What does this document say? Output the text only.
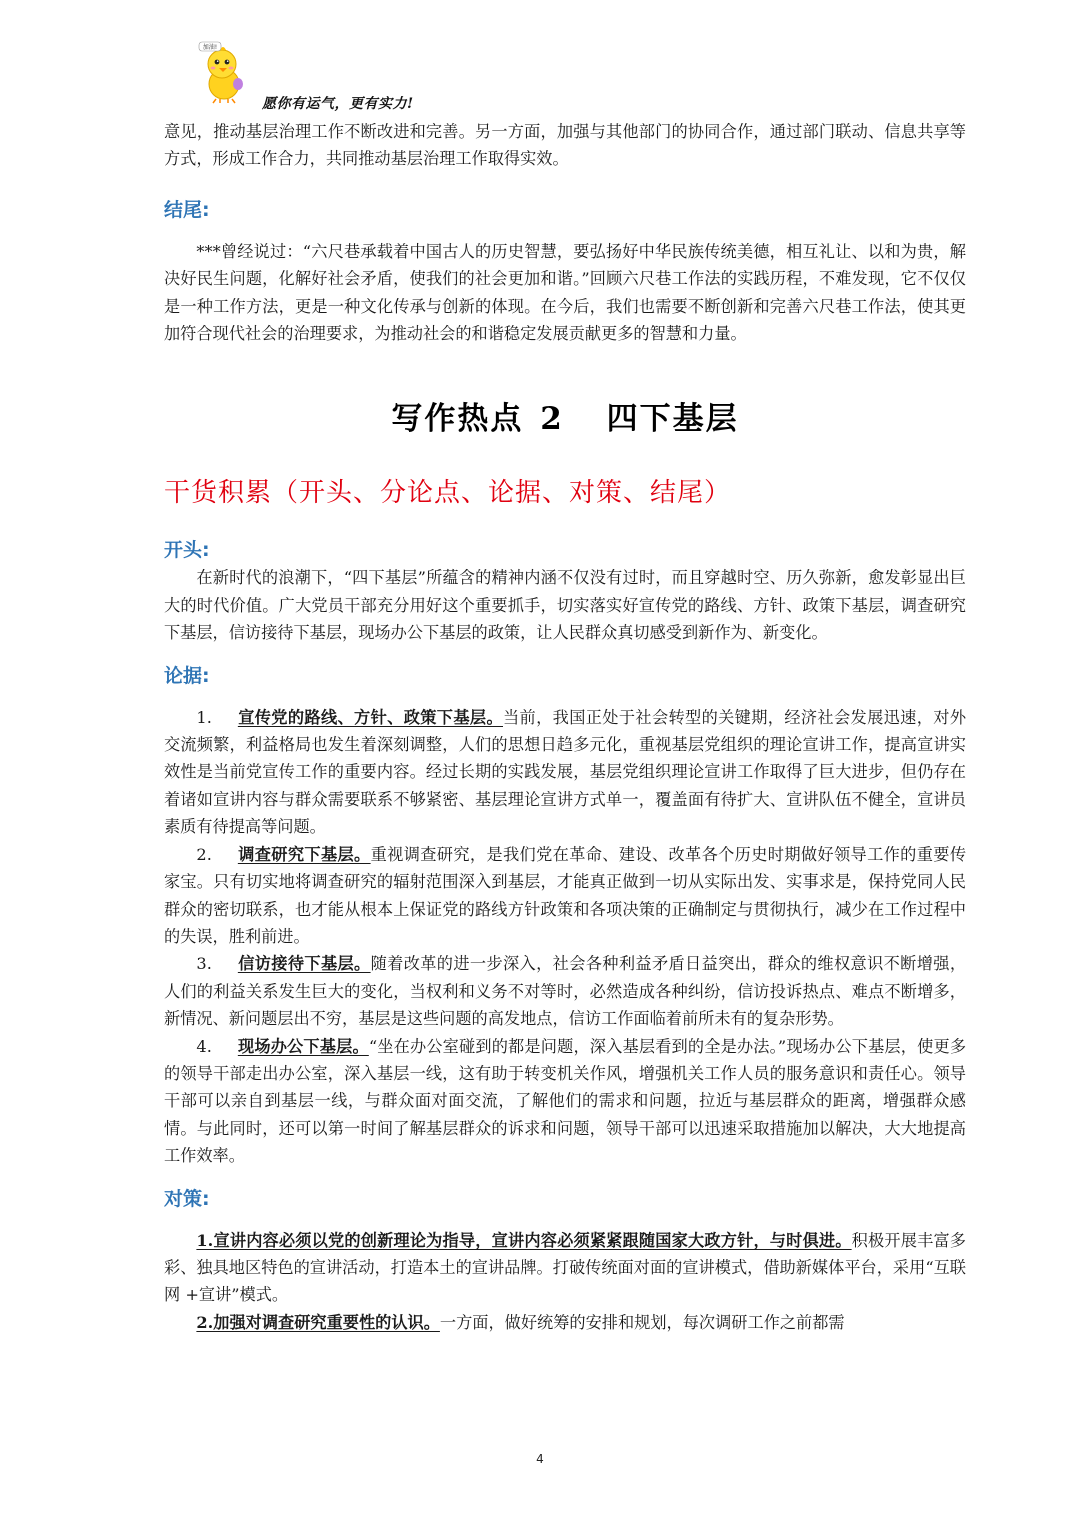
加油!
愿你有运气，更有实力!

意见，推动基层治理工作不断改进和完善。另一方面，加强与其他部门的协同合作，通过部门联动、信息共享等方式，形成工作合力，共同推动基层治理工作取得实效。

结尾:

***曾经说过：“六尺巷承载着中国古人的历史智慧，要弘扬好中华民族传统美德，相互礼让、以和为贵，解决好民生问题，化解好社会矛盾，使我们的社会更加和谐。”回顾六尺巷工作法的实践历程，不难发现，它不仅仅是一种工作方法，更是一种文化传承与创新的体现。在今后，我们也需要不断创新和完善六尺巷工作法，使其更加符合现代社会的治理要求，为推动社会的和谐稳定发展贡献更多的智慧和力量。

写作热点 2 四下基层

干货积累（开头、分论点、论据、对策、结尾）

开头:

在新时代的浪潮下，“四下基层”所蕴含的精神内涵不仅没有过时，而且穿越时空、历久弥新，愈发彰显出巨大的时代价值。广大党员干部充分用好这个重要抓手，切实落实好宣传党的路线、方针、政策下基层，调查研究下基层，信访接待下基层，现场办公下基层的政策，让人民群众真切感受到新作为、新变化。

论据:

1. 宣传党的路线、方针、政策下基层。当前，我国正处于社会转型的关键期，经济社会发展迅速，对外交流频繁，利益格局也发生着深刻调整，人们的思想日趋多元化，重视基层党组织的理论宣讲工作，提高宣讲实效性是当前党宣传工作的重要内容。经过长期的实践发展，基层党组织理论宣讲工作取得了巨大进步，但仍存在着诸如宣讲内容与群众需要联系不够紧密、基层理论宣讲方式单一，覆盖面有待扩大、宣讲队伍不健全，宣讲员素质有待提高等问题。

2. 调查研究下基层。重视调查研究，是我们党在革命、建设、改革各个历史时期做好领导工作的重要传家宝。只有切实地将调查研究的辐射范围深入到基层，才能真正做到一切从实际出发、实事求是，保持党同人民群众的密切联系，也才能从根本上保证党的路线方针政策和各项决策的正确制定与贯彻执行，减少在工作过程中的失误，胜利前进。

3. 信访接待下基层。随着改革的进一步深入，社会各种利益矛盾日益突出，群众的维权意识不断增强，人们的利益关系发生巨大的变化，当权利和义务不对等时，必然造成各种纠纷，信访投诉热点、难点不断增多，新情况、新问题层出不穷，基层是这些问题的高发地点，信访工作面临着前所未有的复杂形势。

4. 现场办公下基层。“坐在办公室碰到的都是问题，深入基层看到的全是办法。”现场办公下基层，使更多的领导干部走出办公室，深入基层一线，这有助于转变机关作风，增强机关工作人员的服务意识和责任心。领导干部可以亲自到基层一线，与群众面对面交流，了解他们的需求和问题，拉近与基层群众的距离，增强群众感情。与此同时，还可以第一时间了解基层群众的诉求和问题，领导干部可以迅速采取措施加以解决，大大地提高工作效率。

对策:

1.宣讲内容必须以党的创新理论为指导，宣讲内容必须紧紧跟随国家大政方针，与时俱进。积极开展丰富多彩、独具地区特色的宣讲活动，打造本土的宣讲品牌。打破传统面对面的宣讲模式，借助新媒体平台，采用“互联网 +宣讲”模式。

2.加强对调查研究重要性的认识。一方面，做好统筹的安排和规划，每次调研工作之前都需

4
